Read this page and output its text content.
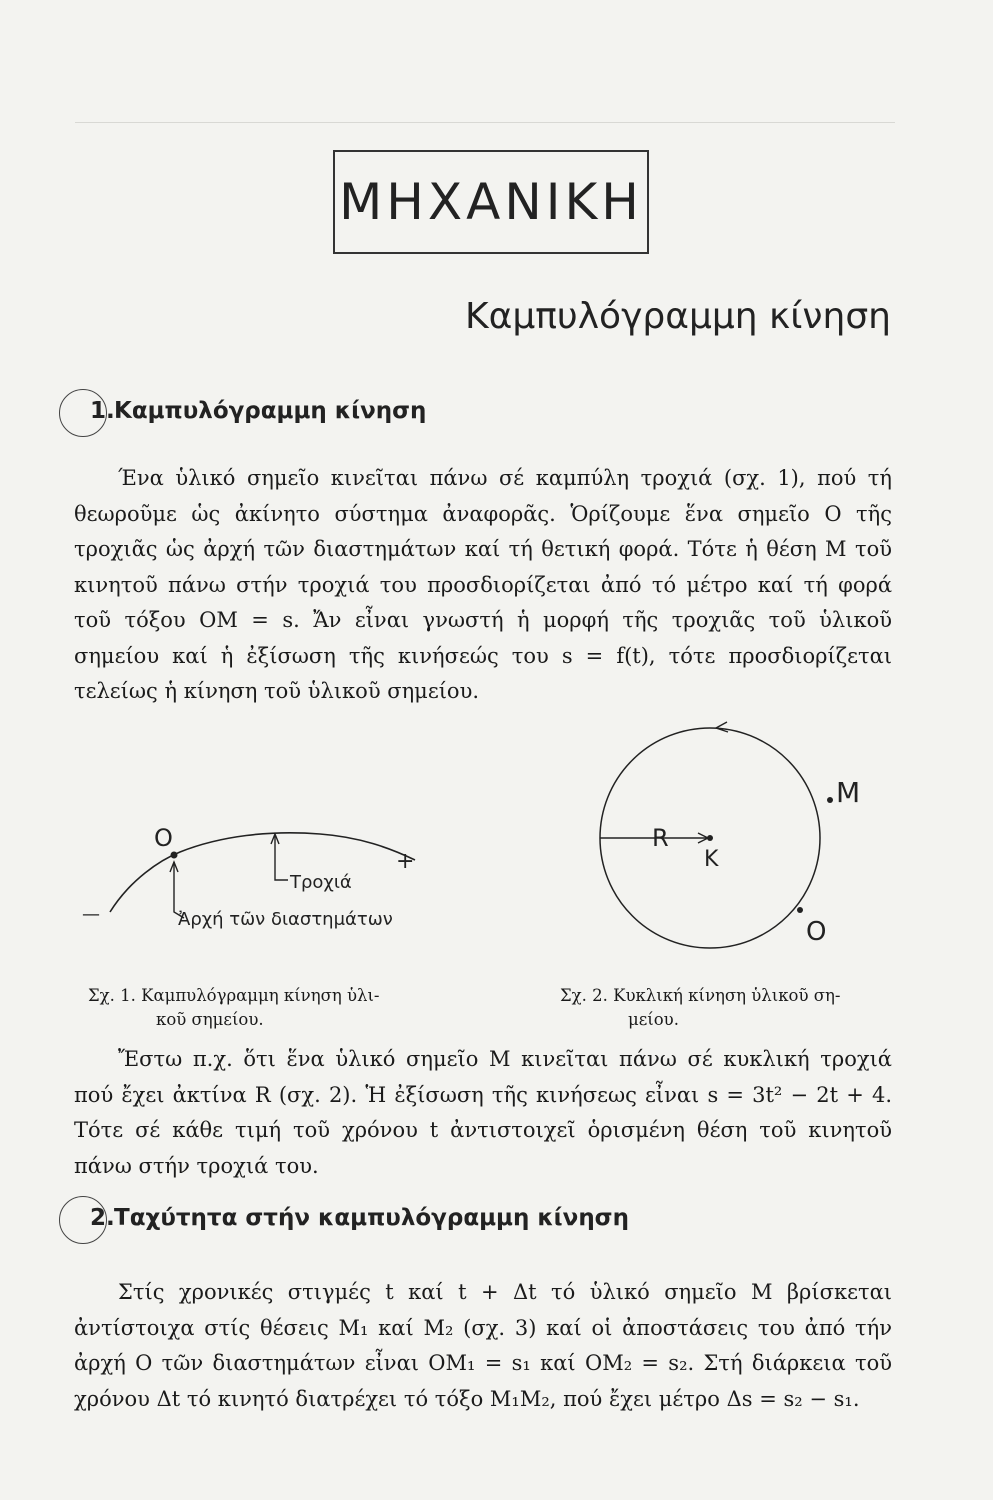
ΜΗΧΑΝΙΚΗ
Καμπυλόγραμμη κίνηση
1. Καμπυλόγραμμη κίνηση

Ένα ὑλικό σημεῖο κινεῖται πάνω σέ καμπύλη τροχιά (σχ. 1), πού τή θεωροῦμε ὡς ἀκίνητο σύστημα ἀναφορᾶς. Ὁρίζουμε ἕνα σημεῖο Ο τῆς τροχιᾶς ὡς ἀρχή τῶν διαστημάτων καί τή θετική φορά. Τότε ἡ θέση Μ τοῦ κινητοῦ πάνω στήν τροχιά του προσδιορίζεται ἀπό τό μέτρο καί τή φορά τοῦ τόξου ΟΜ = s. Ἄν εἶναι γνωστή ἡ μορφή τῆς τροχιᾶς τοῦ ὑλικοῦ σημείου καί ἡ ἐξίσωση τῆς κινήσεώς του s = f(t), τότε προσδιορίζεται τελείως ἡ κίνηση τοῦ ὑλικοῦ σημείου.

O
+
Τροχιά
—	Ἀρχή τῶν διαστημάτων
R
K
M
O
Σχ. 1. Καμπυλόγραμμη κίνηση ὑλι-
κοῦ σημείου.
Σχ. 2. Κυκλική κίνηση ὑλικοῦ ση-
μείου.

Ἔστω π.χ. ὅτι ἕνα ὑλικό σημεῖο Μ κινεῖται πάνω σέ κυκλική τροχιά πού ἔχει ἀκτίνα R (σχ. 2). Ἡ ἐξίσωση τῆς κινήσεως εἶναι s = 3t² − 2t + 4. Τότε σέ κάθε τιμή τοῦ χρόνου t ἀντιστοιχεῖ ὁρισμένη θέση τοῦ κινητοῦ πάνω στήν τροχιά του.

2. Ταχύτητα στήν καμπυλόγραμμη κίνηση

Στίς χρονικές στιγμές t καί t + Δt τό ὑλικό σημεῖο Μ βρίσκεται ἀντίστοιχα στίς θέσεις Μ₁ καί Μ₂ (σχ. 3) καί οἱ ἀποστάσεις του ἀπό τήν ἀρχή Ο τῶν διαστημάτων εἶναι ΟΜ₁ = s₁ καί ΟΜ₂ = s₂. Στή διάρκεια τοῦ χρόνου Δt τό κινητό διατρέχει τό τόξο Μ₁Μ₂, πού ἔχει μέτρο Δs = s₂ − s₁.
